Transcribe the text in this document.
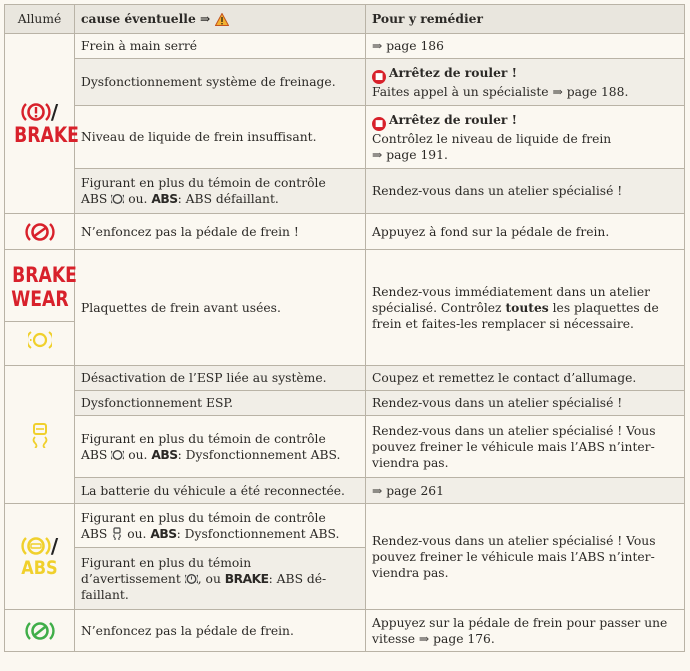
Allumé	cause éventuelle ⇒	Pour y remédier

/
BRAKE	Frein à main serré	⇒ page 186
	Dysfonctionnement système de freinage.	■ Arrêtez de rouler !
Faites appel à un spécialiste ⇒ page 188.
	Niveau de liquide de frein insuffisant.	■ Arrêtez de rouler !
Contrôlez le niveau de liquide de frein
⇒ page 191.
	Figurant en plus du témoin de contrôle
ABS ou. ABS: ABS défaillant.	Rendez-vous dans un atelier spécialisé !
	N’enfoncez pas la pédale de frein !	Appuyez à fond sur la pédale de frein.

BRAKE
WEAR	Plaquettes de frein avant usées.	Rendez-vous immédiatement dans un atelier spécialisé. Contrôlez toutes les plaquettes de frein et faites-les remplacer si nécessaire.
	Désactivation de l’ESP liée au système.	Coupez et remettez le contact d’allumage.
	Dysfonctionnement ESP.	Rendez-vous dans un atelier spécialisé !
	Figurant en plus du témoin de contrôle
ABS ou. ABS: Dysfonctionnement ABS.	Rendez-vous dans un atelier spécialisé ! Vous pouvez freiner le véhicule mais l’ABS n’inter-viendra pas.
	La batterie du véhicule a été reconnectée.	⇒ page 261

/
ABS	Figurant en plus du témoin de contrôle
ABS ou. ABS: Dysfonctionnement ABS.	Rendez-vous dans un atelier spécialisé ! Vous pouvez freiner le véhicule mais l’ABS n’inter-viendra pas.
	Figurant en plus du témoin
d’avertissement , ou BRAKE: ABS dé-
faillant.	
	N’enfoncez pas la pédale de frein.	Appuyez sur la pédale de frein pour passer une vitesse ⇒ page 176.
